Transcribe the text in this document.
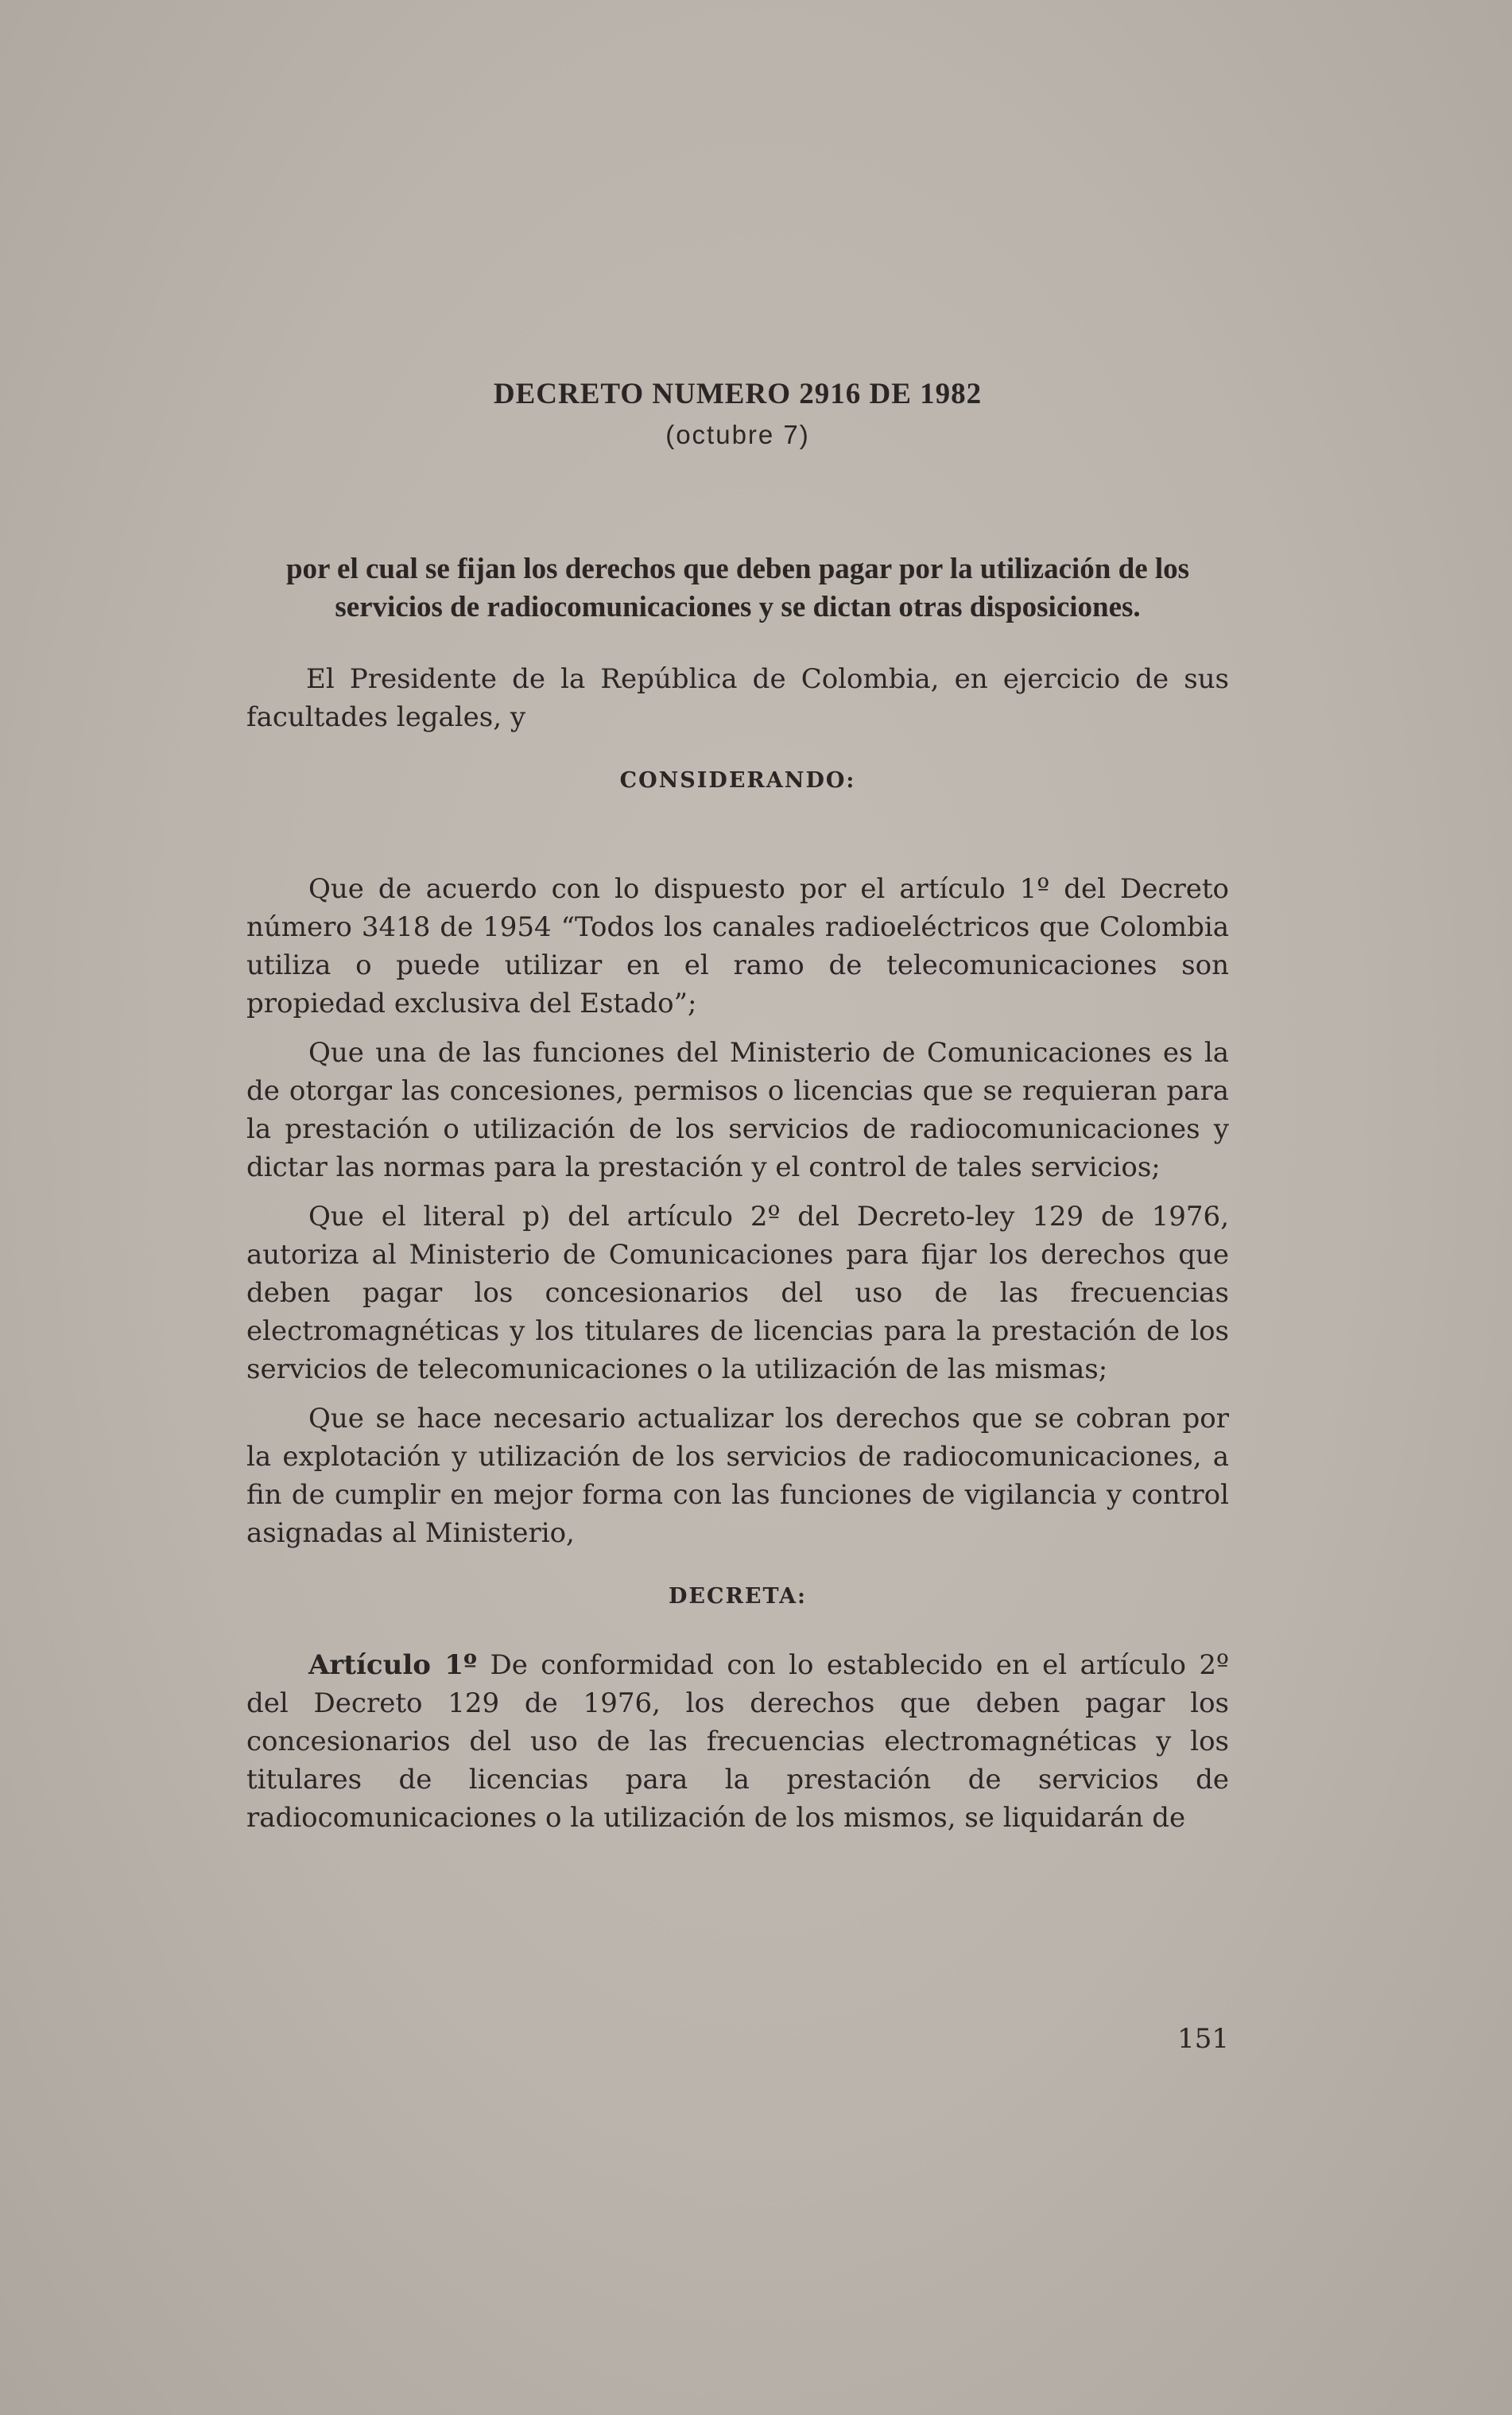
DECRETO NUMERO 2916 DE 1982

(octubre 7)

por el cual se fijan los derechos que deben pagar por la utilización de los servicios de radiocomunicaciones y se dictan otras disposiciones.
El Presidente de la República de Colombia, en ejercicio de sus facultades legales, y
CONSIDERANDO:
Que de acuerdo con lo dispuesto por el artículo 1º del Decreto número 3418 de 1954 “Todos los canales radioeléctricos que Colombia utiliza o puede utilizar en el ramo de telecomunicaciones son propiedad exclusiva del Estado”;
Que una de las funciones del Ministerio de Comunicaciones es la de otorgar las concesiones, permisos o licencias que se requieran para la prestación o utilización de los servicios de radiocomunicaciones y dictar las normas para la prestación y el control de tales servicios;
Que el literal p) del artículo 2º del Decreto-ley 129 de 1976, autoriza al Ministerio de Comunicaciones para fijar los derechos que deben pagar los concesionarios del uso de las frecuencias electromagnéticas y los titulares de licencias para la prestación de los servicios de telecomunicaciones o la utilización de las mismas;
Que se hace necesario actualizar los derechos que se cobran por la explotación y utilización de los servicios de radiocomunicaciones, a fin de cumplir en mejor forma con las funciones de vigilancia y control asignadas al Ministerio,
DECRETA:
Artículo 1º De conformidad con lo establecido en el artículo 2º del Decreto 129 de 1976, los derechos que deben pagar los concesionarios del uso de las frecuencias electromagnéticas y los titulares de licencias para la prestación de servicios de radiocomunicaciones o la utilización de los mismos, se liquidarán de
151
